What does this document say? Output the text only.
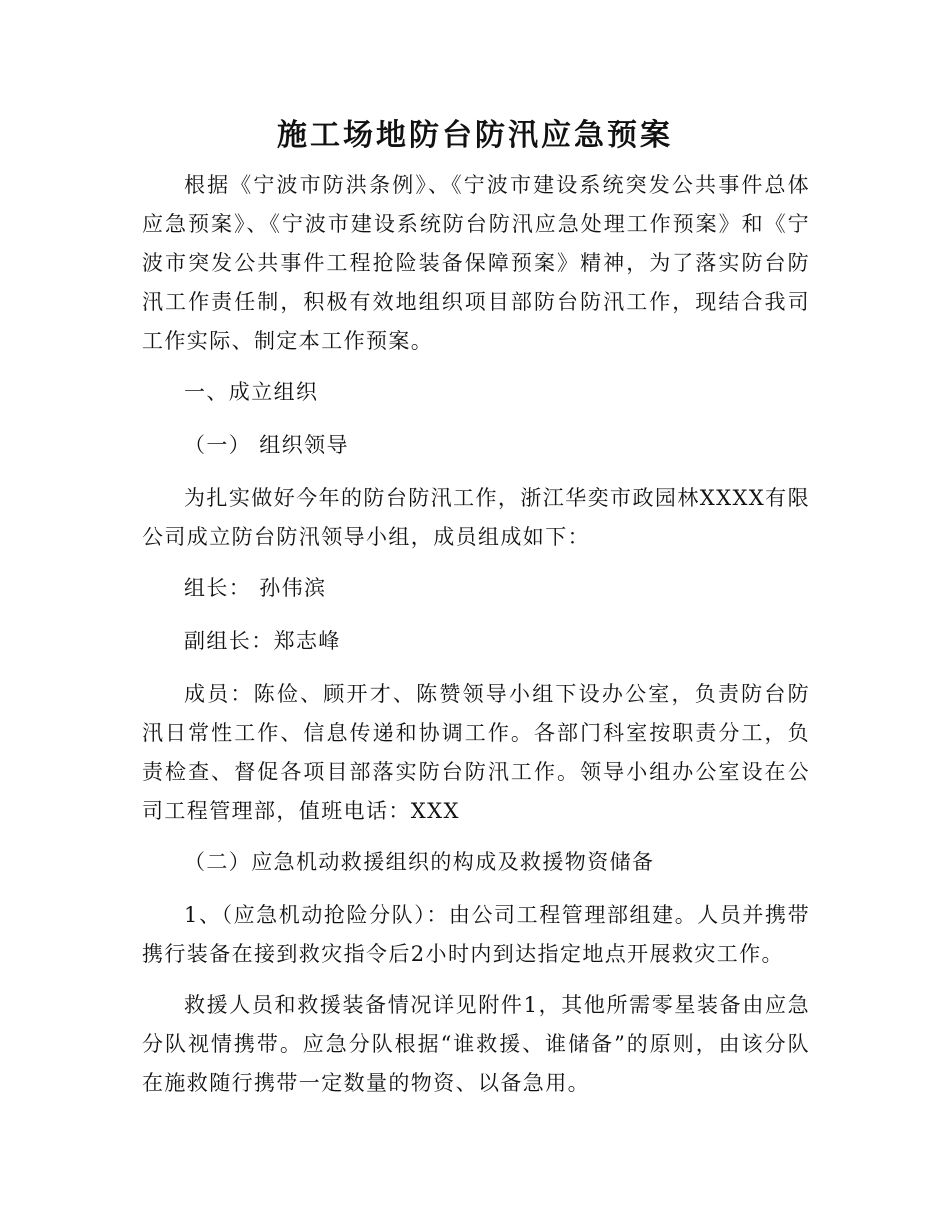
施工场地防台防汛应急预案

根据《宁波市防洪条例》、《宁波市建设系统突发公共事件总体应急预案》、《宁波市建设系统防台防汛应急处理工作预案》和《宁波市突发公共事件工程抢险装备保障预案》精神，为了落实防台防汛工作责任制，积极有效地组织项目部防台防汛工作，现结合我司工作实际、制定本工作预案。

一、成立组织

（一） 组织领导

为扎实做好今年的防台防汛工作，浙江华奕市政园林XXXX有限公司成立防台防汛领导小组，成员组成如下：

组长： 孙伟滨

副组长：郑志峰

成员：陈俭、顾开才、陈赞领导小组下设办公室，负责防台防汛日常性工作、信息传递和协调工作。各部门科室按职责分工，负责检查、督促各项目部落实防台防汛工作。领导小组办公室设在公司工程管理部，值班电话：XXX

（二）应急机动救援组织的构成及救援物资储备

1、（应急机动抢险分队）：由公司工程管理部组建。人员并携带携行装备在接到救灾指令后2小时内到达指定地点开展救灾工作。

救援人员和救援装备情况详见附件1，其他所需零星装备由应急分队视情携带。应急分队根据“谁救援、谁储备”的原则，由该分队在施救随行携带一定数量的物资、以备急用。
